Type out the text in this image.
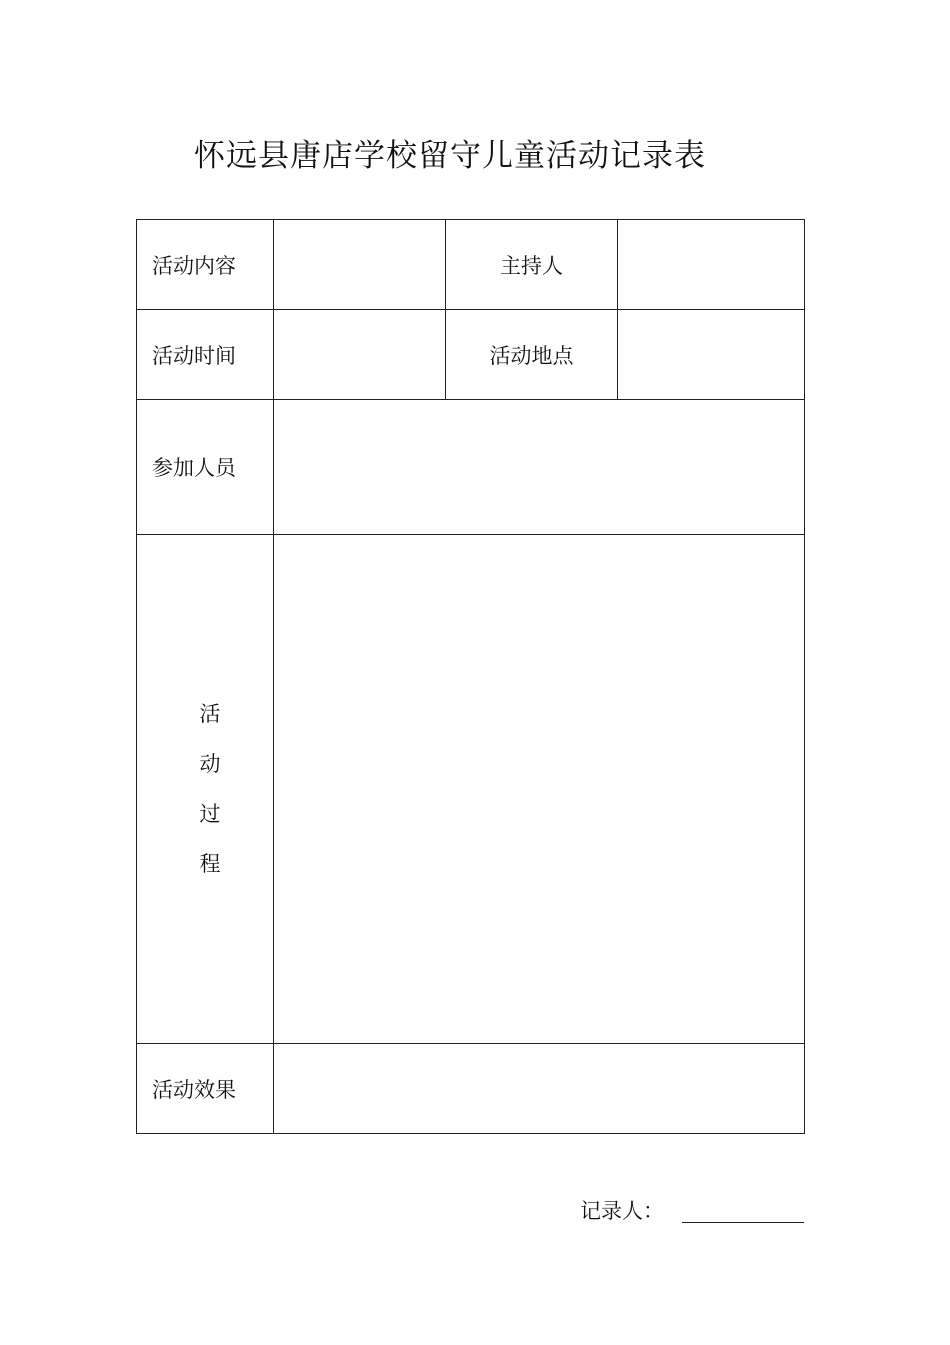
怀远县唐店学校留守儿童活动记录表
活动内容		主持人	
活动时间		活动地点	
参加人员			

活
动
过
程			

活动效果			
记录人：
